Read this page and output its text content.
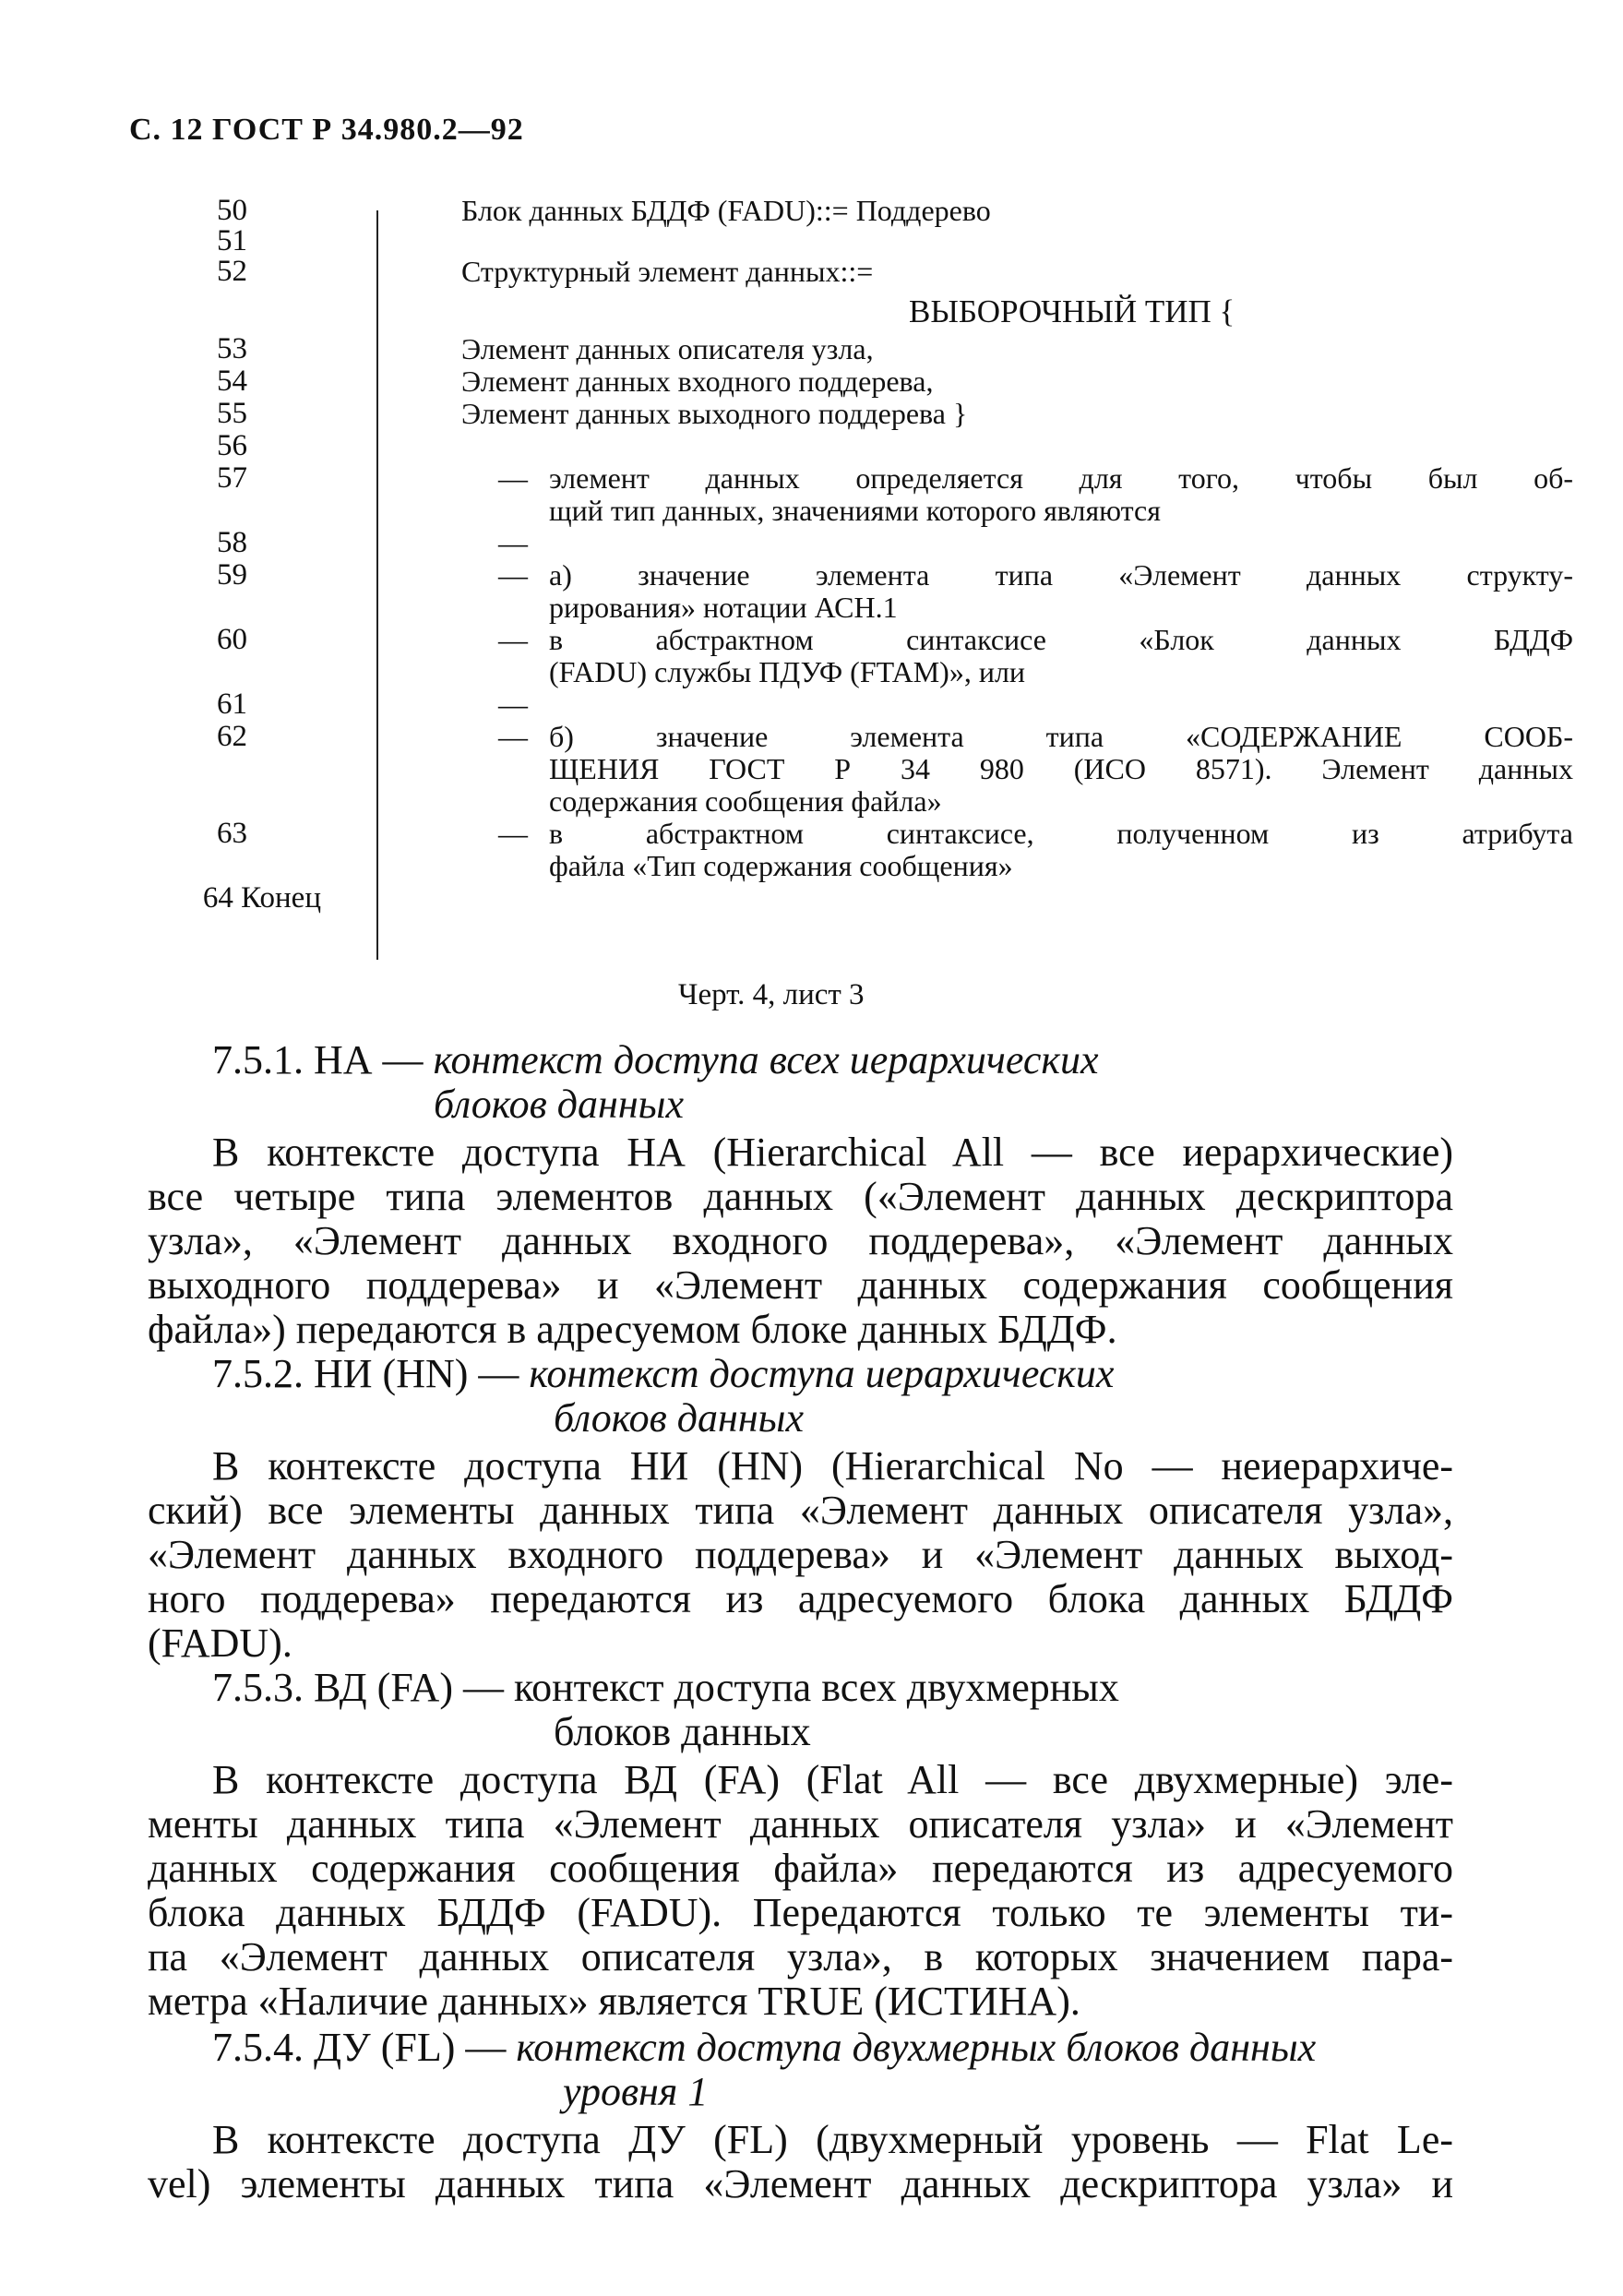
С. 12 ГОСТ Р 34.980.2—92
50
51
52
53
54
55
56
57
58
59
60
61
62
63
64 Конец
Блок данных БДДФ (FADU)::= Поддерево
Структурный элемент данных::=
ВЫБОРОЧНЫЙ ТИП {
Элемент данных описателя узла,
Элемент данных входного поддерева,
Элемент данных выходного поддерева }
— элемент данных определяется для того, чтобы был об-
щий тип данных, значениями которого являются
—
— а) значение элемента типа «Элемент данных структу-
рирования» нотации АСН.1
— в абстрактном синтаксисе «Блок данных БДДФ
(FADU) службы ПДУФ (FTAM)», или
—
— б) значение элемента типа «СОДЕРЖАНИЕ СООБ-
ЩЕНИЯ ГОСТ Р 34 980 (ИСО 8571). Элемент данных
содержания сообщения файла»
— в абстрактном синтаксисе, полученном из атрибута
файла «Тип содержания сообщения»
Черт. 4, лист 3
7.5.1. НА — контекст доступа всех иерархических
блоков данных
В контексте доступа НА (Hierarchical All — все иерархические)
все четыре типа элементов данных («Элемент данных дескриптора
узла», «Элемент данных входного поддерева», «Элемент данных
выходного поддерева» и «Элемент данных содержания сообщения
файла») передаются в адресуемом блоке данных БДДФ.
7.5.2. НИ (HN) — контекст доступа иерархических
блоков данных
В контексте доступа НИ (HN) (Hierarchical No — неиерархиче-
ский) все элементы данных типа «Элемент данных описателя узла»,
«Элемент данных входного поддерева» и «Элемент данных выход-
ного поддерева» передаются из адресуемого блока данных БДДФ
(FADU).
7.5.3. ВД (FA) — контекст доступа всех двухмерных
блоков данных
В контексте доступа ВД (FA) (Flat All — все двухмерные) эле-
менты данных типа «Элемент данных описателя узла» и «Элемент
данных содержания сообщения файла» передаются из адресуемого
блока данных БДДФ (FADU). Передаются только те элементы ти-
па «Элемент данных описателя узла», в которых значением пара-
метра «Наличие данных» является TRUE (ИСТИНА).
7.5.4. ДУ (FL) — контекст доступа двухмерных блоков данных
уровня 1
В контексте доступа ДУ (FL) (двухмерный уровень — Flat Le-
vel) элементы данных типа «Элемент данных дескриптора узла» и
